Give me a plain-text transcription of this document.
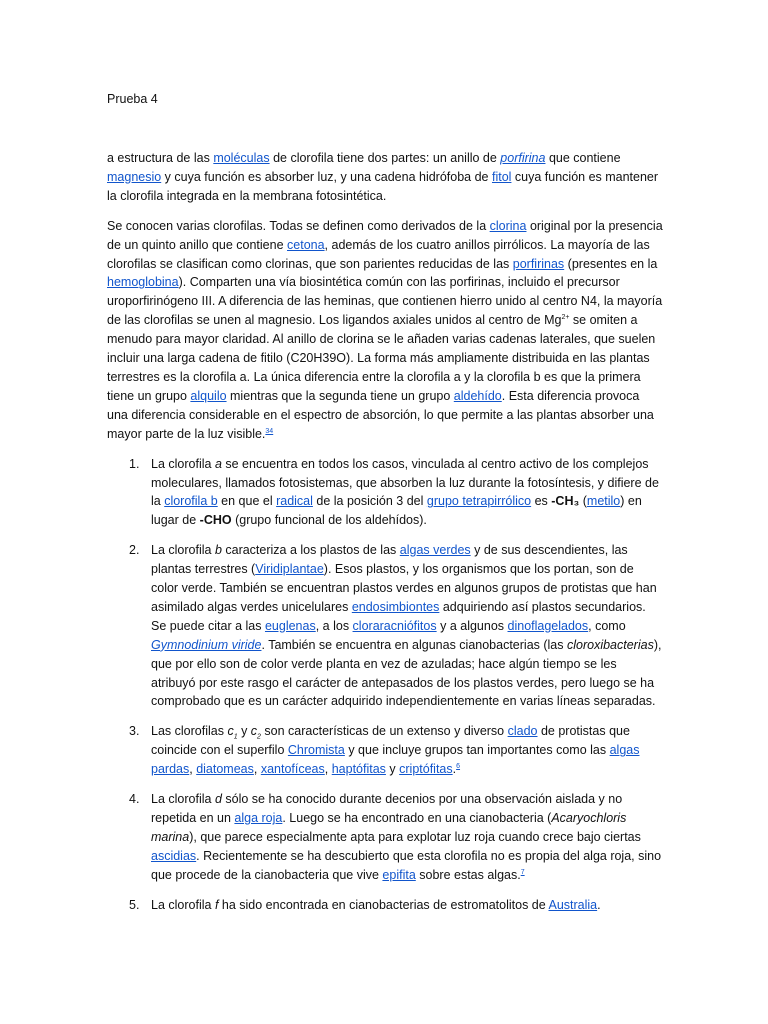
Prueba 4

a estructura de las moléculas de clorofila tiene dos partes: un anillo de porfirina que contiene magnesio y cuya función es absorber luz, y una cadena hidrófoba de fitol cuya función es mantener la clorofila integrada en la membrana fotosintética.

Se conocen varias clorofilas. Todas se definen como derivados de la clorina original por la presencia de un quinto anillo que contiene cetona, además de los cuatro anillos pirrólicos. La mayoría de las clorofilas se clasifican como clorinas, que son parientes reducidas de las porfirinas (presentes en la hemoglobina). Comparten una vía biosintética común con las porfirinas, incluido el precursor uroporfirinógeno III. A diferencia de las heminas, que contienen hierro unido al centro N4, la mayoría de las clorofilas se unen al magnesio. Los ligandos axiales unidos al centro de $Mg^{2+}$ se omiten a menudo para mayor claridad. Al anillo de clorina se le añaden varias cadenas laterales, que suelen incluir una larga cadena de fitilo (C20H39O). La forma más ampliamente distribuida en las plantas terrestres es la clorofila a. La única diferencia entre la clorofila a y la clorofila b es que la primera tiene un grupo alquilo mientras que la segunda tiene un grupo aldehído. Esta diferencia provoca una diferencia considerable en el espectro de absorción, lo que permite a las plantas absorber una mayor parte de la luz visible.$^{34}$

1. La clorofila a se encuentra en todos los casos, vinculada al centro activo de los complejos moleculares, llamados fotosistemas, que absorben la luz durante la fotosíntesis, y difiere de la clorofila b en que el radical de la posición 3 del grupo tetrapirrólico es -CH₃ (metilo) en lugar de -CHO (grupo funcional de los aldehídos).
2. La clorofila b caracteriza a los plastos de las algas verdes y de sus descendientes, las plantas terrestres (Viridiplantae). Esos plastos, y los organismos que los portan, son de color verde. También se encuentran plastos verdes en algunos grupos de protistas que han asimilado algas verdes unicelulares endosimbiontes adquiriendo así plastos secundarios. Se puede citar a las euglenas, a los cloraracniófitos y a algunos dinoflagelados, como Gymnodinium viride. También se encuentra en algunas cianobacterias (las cloroxibacterias), que por ello son de color verde planta en vez de azuladas; hace algún tiempo se les atribuyó por este rasgo el carácter de antepasados de los plastos verdes, pero luego se ha comprobado que es un carácter adquirido independientemente en varias líneas separadas.
3. Las clorofilas $c_1$ y $c_2$ son características de un extenso y diverso clado de protistas que coincide con el superfilo Chromista y que incluye grupos tan importantes como las algas pardas, diatomeas, xantofíceas, haptófitas y criptófitas.$^6$
4. La clorofila d sólo se ha conocido durante decenios por una observación aislada y no repetida en un alga roja. Luego se ha encontrado en una cianobacteria (Acaryochloris marina), que parece especialmente apta para explotar luz roja cuando crece bajo ciertas ascidias. Recientemente se ha descubierto que esta clorofila no es propia del alga roja, sino que procede de la cianobacteria que vive epifita sobre estas algas.$^7$
5. La clorofila f ha sido encontrada en cianobacterias de estromatolitos de Australia.
